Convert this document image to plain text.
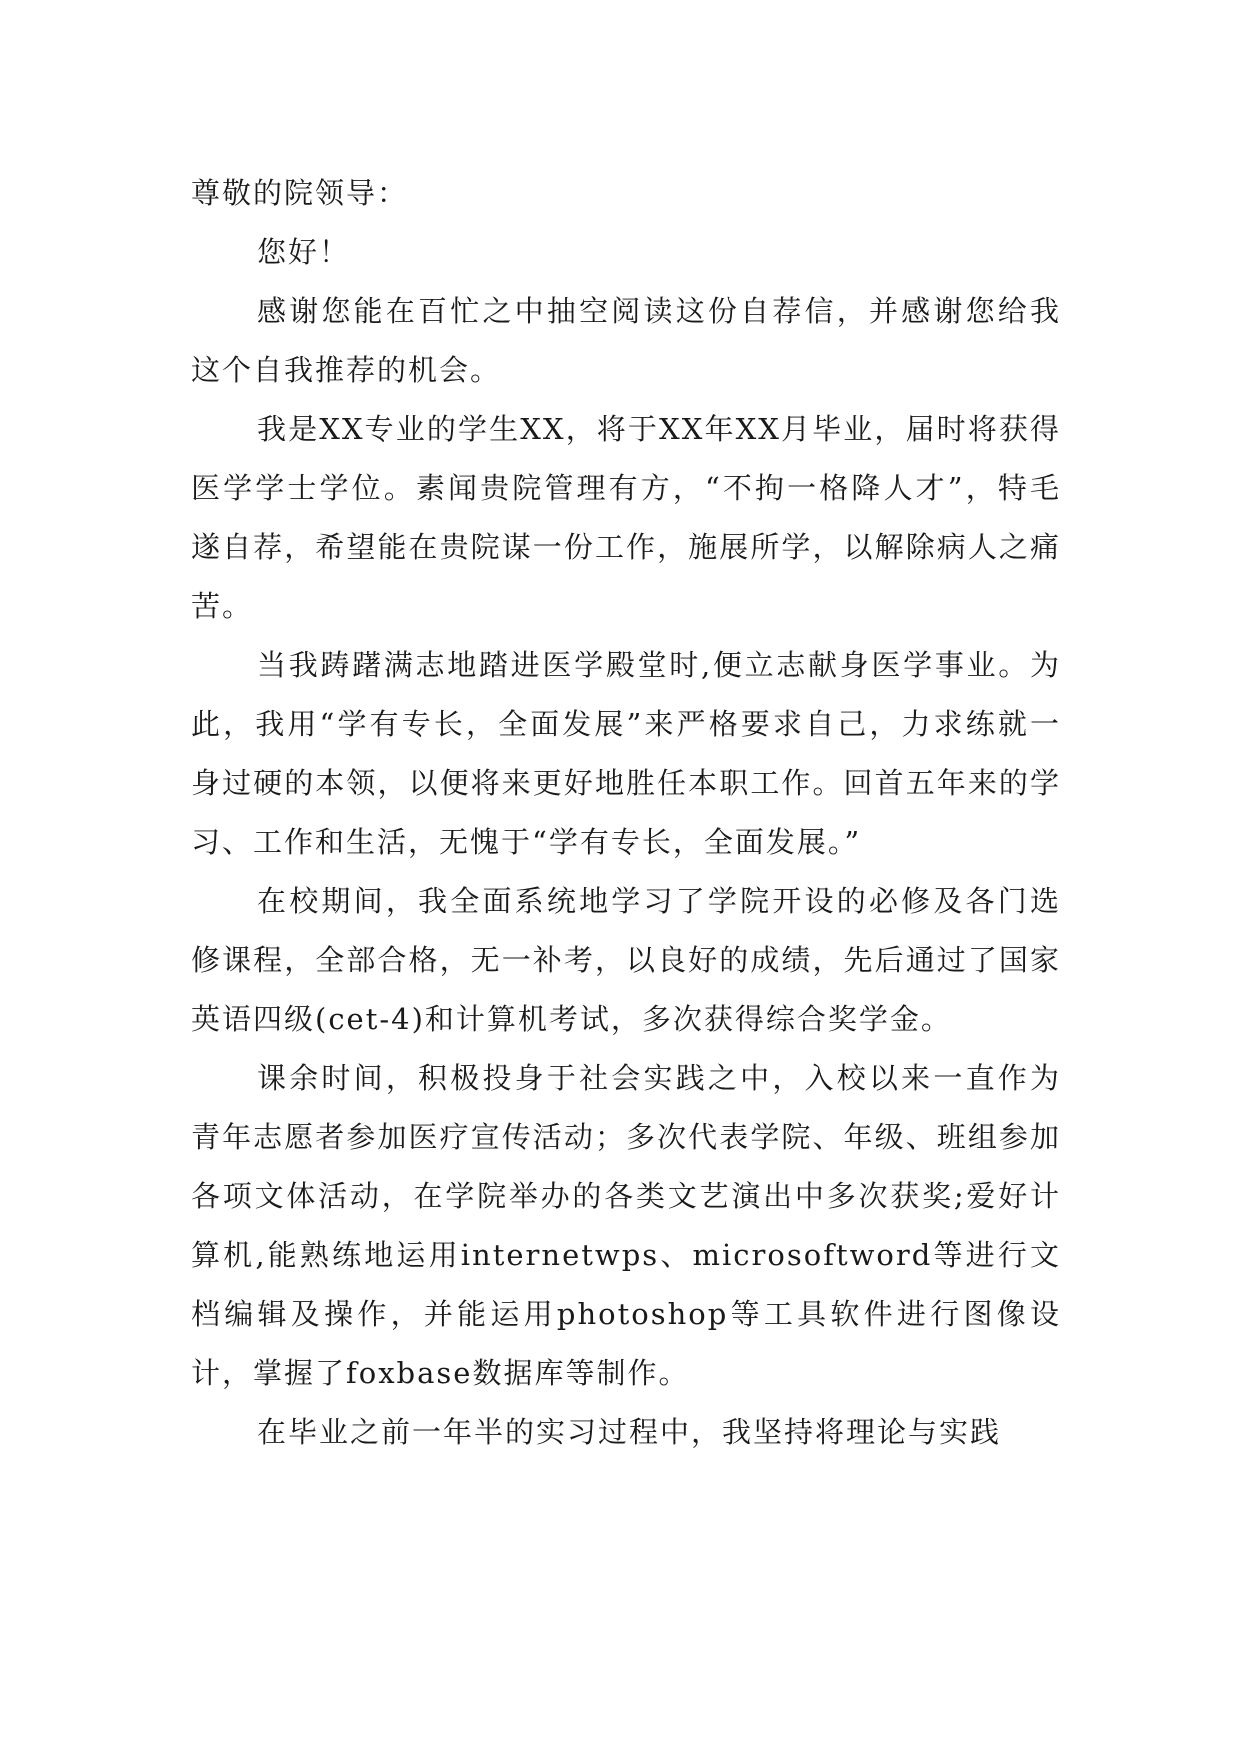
尊敬的院领导：

您好！

感谢您能在百忙之中抽空阅读这份自荐信，并感谢您给我这个自我推荐的机会。

我是XX专业的学生XX，将于XX年XX月毕业，届时将获得医学学士学位。素闻贵院管理有方，“不拘一格降人才”，特毛遂自荐，希望能在贵院谋一份工作，施展所学，以解除病人之痛苦。

当我踌躇满志地踏进医学殿堂时,便立志献身医学事业。为此，我用“学有专长，全面发展”来严格要求自己，力求练就一身过硬的本领，以便将来更好地胜任本职工作。回首五年来的学习、工作和生活，无愧于“学有专长，全面发展。”

在校期间，我全面系统地学习了学院开设的必修及各门选修课程，全部合格，无一补考，以良好的成绩，先后通过了国家英语四级(cet-4)和计算机考试，多次获得综合奖学金。

课余时间，积极投身于社会实践之中，入校以来一直作为青年志愿者参加医疗宣传活动；多次代表学院、年级、班组参加各项文体活动，在学院举办的各类文艺演出中多次获奖;爱好计算机,能熟练地运用internetwps、microsoftword等进行文档编辑及操作，并能运用photoshop等工具软件进行图像设计，掌握了foxbase数据库等制作。

在毕业之前一年半的实习过程中，我坚持将理论与实践
